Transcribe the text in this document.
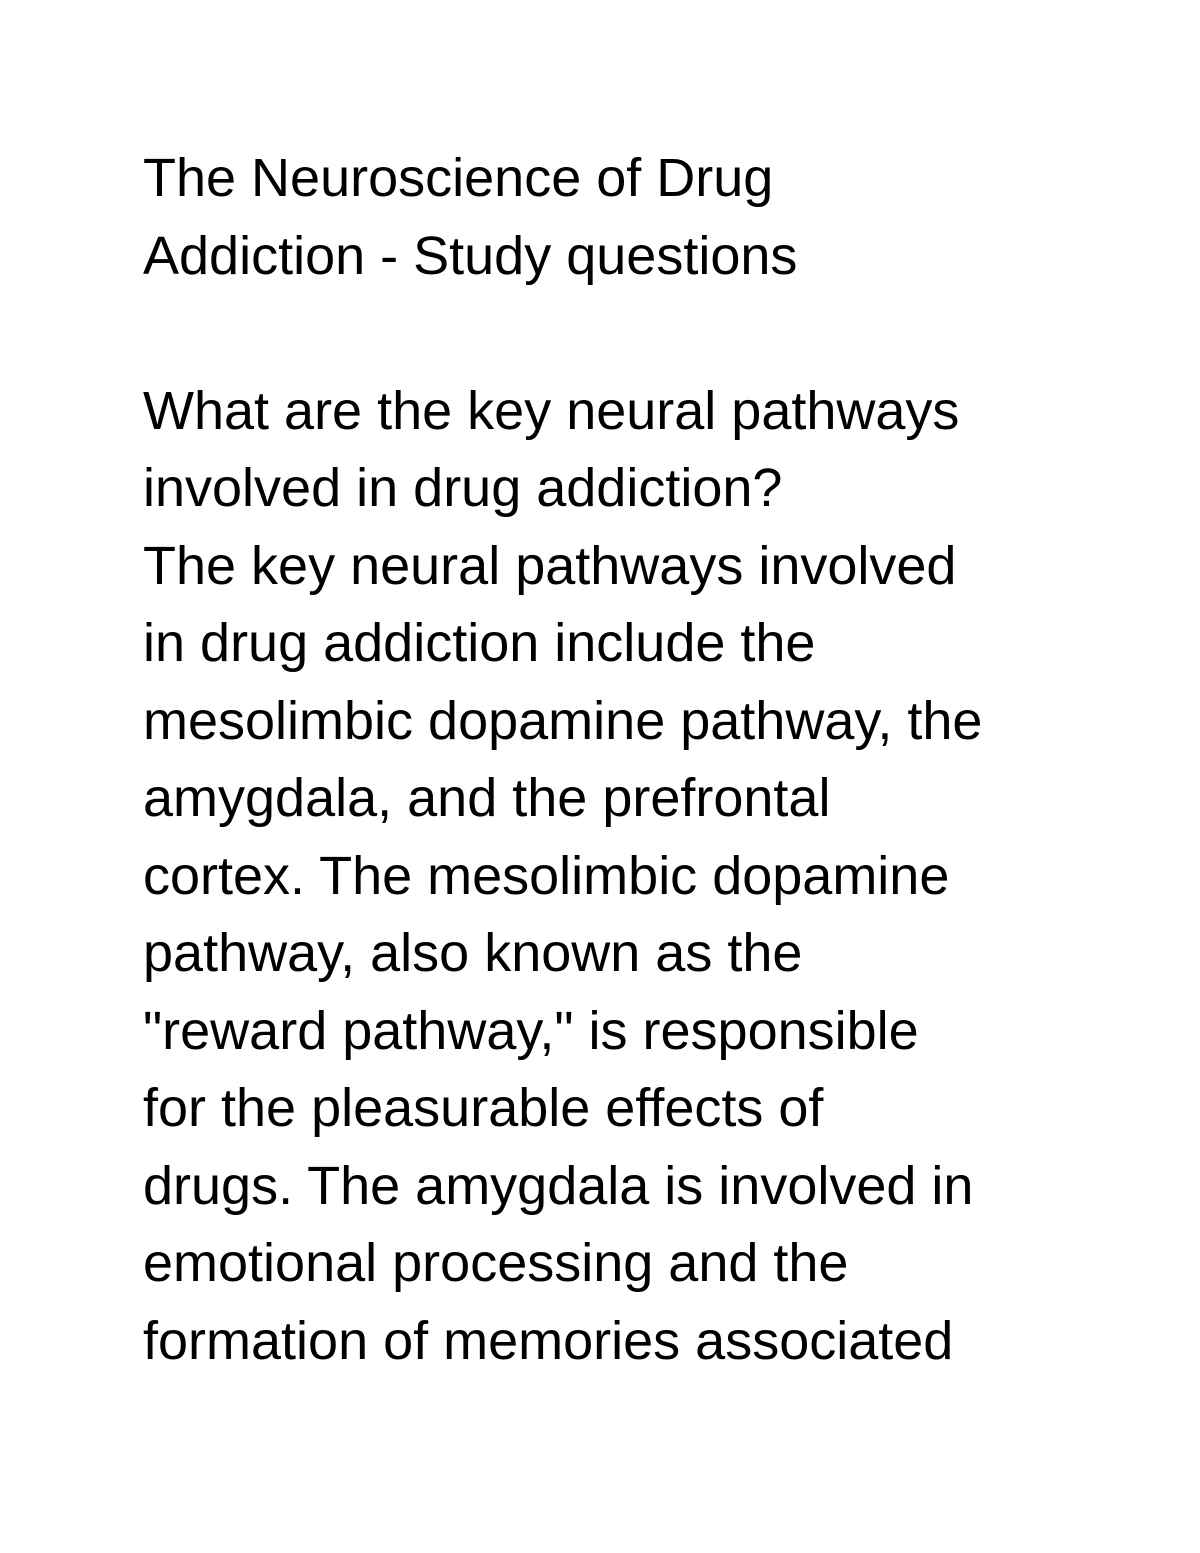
The Neuroscience of Drug
Addiction - Study questions
What are the key neural pathways
involved in drug addiction?
The key neural pathways involved
in drug addiction include the
mesolimbic dopamine pathway, the
amygdala, and the prefrontal
cortex. The mesolimbic dopamine
pathway, also known as the
"reward pathway," is responsible
for the pleasurable effects of
drugs. The amygdala is involved in
emotional processing and the
formation of memories associated
